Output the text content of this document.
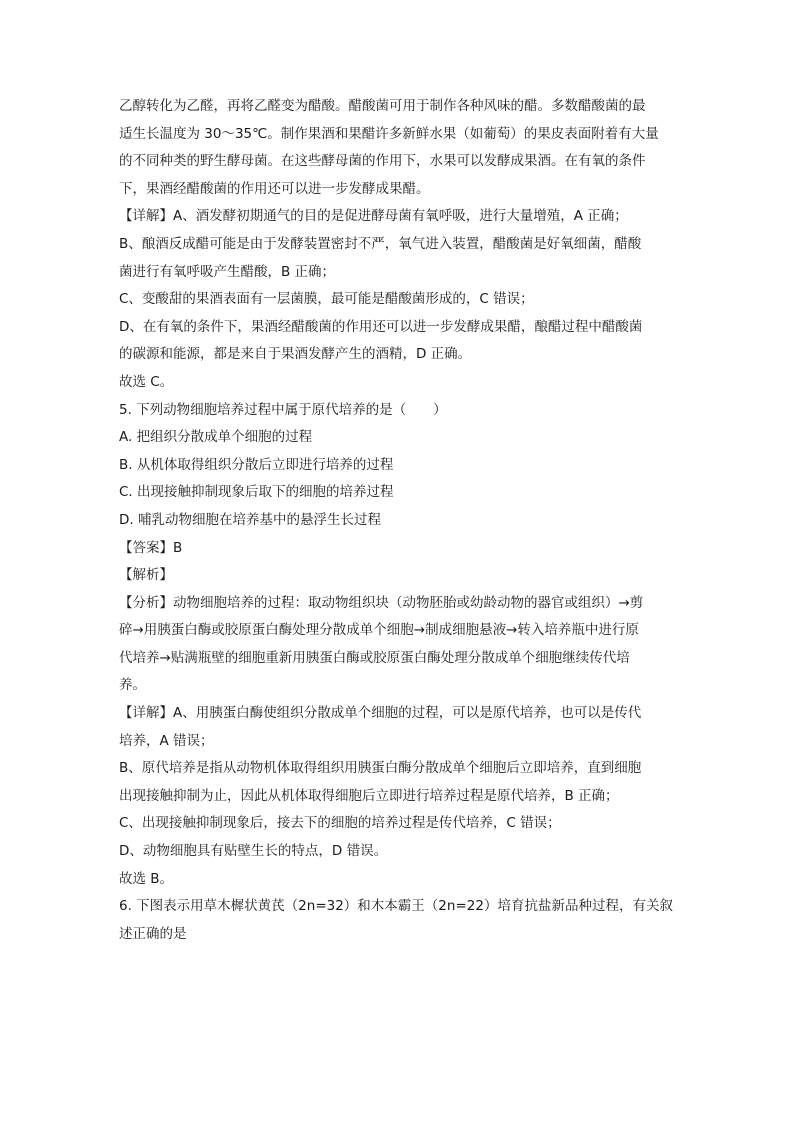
乙醇转化为乙醛，再将乙醛变为醋酸。醋酸菌可用于制作各种风味的醋。多数醋酸菌的最
适生长温度为 30～35℃。制作果酒和果醋许多新鲜水果（如葡萄）的果皮表面附着有大量
的不同种类的野生酵母菌。在这些酵母菌的作用下，水果可以发酵成果酒。在有氧的条件
下，果酒经醋酸菌的作用还可以进一步发酵成果醋。
【详解】A、酒发酵初期通气的目的是促进酵母菌有氧呼吸，进行大量增殖，A 正确；
B、酿酒反成醋可能是由于发酵装置密封不严，氧气进入装置，醋酸菌是好氧细菌，醋酸
菌进行有氧呼吸产生醋酸，B 正确；
C、变酸甜的果酒表面有一层菌膜，最可能是醋酸菌形成的，C 错误；
D、在有氧的条件下，果酒经醋酸菌的作用还可以进一步发酵成果醋，酿醋过程中醋酸菌
的碳源和能源，都是来自于果酒发酵产生的酒精，D 正确。
故选 C。
5. 下列动物细胞培养过程中属于原代培养的是（　　）
A. 把组织分散成单个细胞的过程
B. 从机体取得组织分散后立即进行培养的过程
C. 出现接触抑制现象后取下的细胞的培养过程
D. 哺乳动物细胞在培养基中的悬浮生长过程
【答案】B
【解析】
【分析】动物细胞培养的过程：取动物组织块（动物胚胎或幼龄动物的器官或组织）→剪
碎→用胰蛋白酶或胶原蛋白酶处理分散成单个细胞→制成细胞悬液→转入培养瓶中进行原
代培养→贴满瓶壁的细胞重新用胰蛋白酶或胶原蛋白酶处理分散成单个细胞继续传代培
养。
【详解】A、用胰蛋白酶使组织分散成单个细胞的过程，可以是原代培养，也可以是传代
培养，A 错误；
B、原代培养是指从动物机体取得组织用胰蛋白酶分散成单个细胞后立即培养，直到细胞
出现接触抑制为止，因此从机体取得细胞后立即进行培养过程是原代培养，B 正确；
C、出现接触抑制现象后，接去下的细胞的培养过程是传代培养，C 错误；
D、动物细胞具有贴壁生长的特点，D 错误。
故选 B。
6. 下图表示用草木樨状黄芪（2n=32）和木本霸王（2n=22）培育抗盐新品种过程，有关叙
述正确的是
